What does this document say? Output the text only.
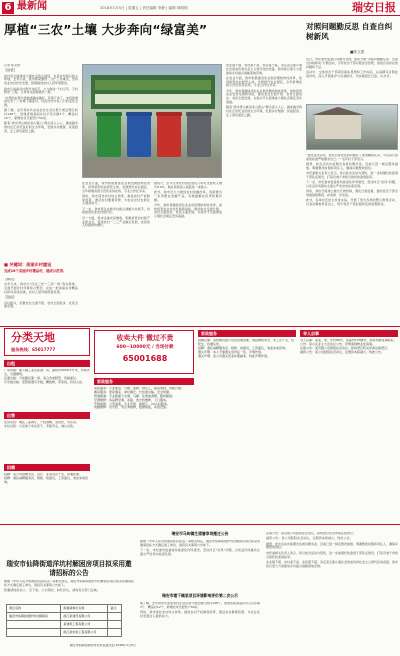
6 最新闻	2018年1月5日 | 星期五 | 责任编辑 李静 | 编辑 林明明	瑞安日报
厚植“三农”土壤 大步奔向“绿富美”	对照问题勤反思 自查自纠树新风
■陈文建
记者 陈文建
【提要】
农村是全面建成小康社会的主战场，也是乡村振兴的主阵地。去年以来，我市紧紧围绕“三农”工作重点，坚持农业农村优先发展，统筹推进农村人居环境整治。
我市以美丽乡村建设为抓手，大力推进“千村示范、万村整治”工程，全市村庄面貌焕然一新。
“村里的垃圾分类做得越来越好，环境干净了，来玩的游客也多了。”在塘下镇某村，村民纷纷为家门口的变化点赞。
据了解，去年我市共完成农村生活垃圾分类处理行政村148个，创建省级美丽乡村示范乡镇3个、精品村12个，新增农家乐经营户56家。
随着“绿水青山就是金山银山”理念深入人心，越来越多的村庄正依托良好的生态环境，发展乡村旅游、民宿经济，走上绿色富民之路。
■ 关键词：美丽乡村建设
完成16个美丽乡村精品村，建成示范带。
【解读】
去年以来，我市以“四边三化”“三改一拆”等为载体，全面开展农村环境综合整治，完成一批美丽乡村精品村和风景线创建，农村人居环境明显改善。
【链接】
乡村振兴，需要农业全面升级、农村全面进步、农民全面发展。
在农业方面，我市积极推进农业供给侧结构性改革，培育新型农业经营主体，发展现代农业园区，全年新增省级示范性家庭农场、专业合作社多家。
同时，我市深化农村综合改革，推进农村产权制度改革，激活农村要素资源，为农业农村发展注入强劲动力。
下一步，我市将以实施乡村振兴战略为总抓手，持续推进农业农村现代化。
另一方面，我市注重农民增收，积极培育农村新产业新业态，促进农村一二三产业融合发展，农民收入持续较快增长。
据统计，去年全市农村常住居民人均可支配收入增长8.9%，城乡居民收入差距进一步缩小。
此外，我市还大力推进农村金融改革，创新推出一系列惠农金融产品，有效缓解农民贷款难问题。
今年，我市将继续深化农业供给侧结构性改革，加快培育农业农村发展新动能，推动农业全面升级、农村全面进步、农民全面发展，为高水平全面建成小康社会奠定坚实基础。
农业强不强、农村美不美、农民富不富，决定着全面小康社会的成色和社会主义现代化的质量。我市将以更大力度推动乡村振兴战略落地见效。
在农业方面，我市积极推进农业供给侧结构性改革，培育新型农业经营主体，发展现代农业园区，全年新增省级示范性家庭农场、专业合作社多家。
今年，我市将继续深化农业供给侧结构性改革，加快培育农业农村发展新动能，推动农业全面升级、农村全面进步、农民全面发展，为高水平全面建成小康社会奠定坚实基础。
随着“绿水青山就是金山银山”理念深入人心，越来越多的村庄正依托良好的生态环境，发展乡村旅游、民宿经济，走上绿色富民之路。
近日，市纪委市监委以问题为导向，组织开展“对照问题勤反思、自查自纠树新风”专题活动，引导党员干部对照党章党规，查找自身存在的问题和不足。
活动中，全体党员干部紧密联系思想和工作实际，认真撰写对照检查材料，深入开展批评与自我批评，切实做到红红脸、出出汗。
“通过这次活动，我对自身存在的问题有了更清醒的认识，今后将以更高的标准严格要求自己。”一名年轻干部表示。
据悉，此次活动共梳理出各类问题多条，目前已逐一制定整改措施，明确整改时限和责任人，确保问题整改到位。
市纪委相关负责人表示，将以此次活动为契机，进一步加强纪检监察干部队伍建设，打造忠诚干净担当的纪检监察铁军。
下一步，市纪委市监委将持续深化作风建设，坚决纠正“四风”问题，以优良作风推动全面从严治党向纵深发展。
同时，我市还将建立健全长效机制，强化日常监督，推动党员干部自觉做到知敬畏、存戒惧、守底线。
此外，各单位还结合自身实际，开展了形式多样的警示教育活动，以身边事教育身边人，筑牢党员干部拒腐防变的思想防线。
分类天地
服务热线：65017777
出租
厂房出租：塘下镇工业区标准厂房，面积约2000平方米，水电齐全，交通便利。
店面出租：万松路店面一间，适合各类经营，价格面议。
写字楼出租：安阳街道写字楼，精装修，带家具，拎包入住。
出售
住房出售：城区三室两厅，产权清晰，采光好，学区房。
车位出售：小区地下车位若干，手续齐全，诚心出售。
招聘
招聘：某公司招聘文员、会计、业务员若干名，待遇优厚。
招聘：酒店诚聘服务员、厨师、收银员，工资面议，欢迎来电咨询。
收卖大件 微过不贵
600~10000元 / 当场付款
65001688
家政服务
家政服务：专业保洁、月嫂、保姆、钟点工，服务周到，价格合理。
搬家服务：居民搬家、单位搬迁、长短途运输，安全快捷。
管道疏通：专业疏通下水道、马桶、化粪池清理，随叫随到。
空调维修：各品牌空调、冰箱、洗衣机维修，上门服务。
开锁换锁：公安备案，专业开锁、换锁芯，24小时服务。
电脑维修：台式机、笔记本维修，数据恢复，系统安装。
家政服务
招聘启事：某机械有限公司因发展需要，现招聘技术员、普工若干名，包吃住，待遇从优。
招聘：酒店诚聘服务员、厨师、收银员，工资面议，欢迎来电咨询。
遗失声明：本人不慎遗失身份证一张，声明作废。
遗失声明：某公司遗失营业执照副本，特此声明作废。
寻人启事
寻人启事：某某，男，年约60岁，身高约170厘米，如有知情者请联系。
公告：某小区业主大会决议公告，详情请到物业处查阅。
注销公告：某有限公司经股东会决议，拟向登记机关申请注销登记。
减资公告：某公司经股东会决议，注册资本拟减少，特此公告。
瑞安市仙降街道洋坑村解困房项目拟采用邀请招标的公告
根据《中华人民共和国招标投标法》等相关规定，瑞安市仙降街道洋坑村解困房项目拟采用邀请招标方式确定施工单位，现将有关事项公告如下。
拟邀请的投标人：见下表。公示期间，如有异议，请向有关部门反映。
项目名称	拟邀请单位名称	备注
瑞安市仙降街道洋坑村解困房	浙江某建设有限公司	
	某建筑工程有限公司	
	浙江某市政工程有限公司	
瑞安市仙降街道洋坑村村民委员会 2018年1月5日
瑞安市马屿镇生猪屠宰场搬迁公告
根据《中华人民共和国招标投标法》等相关规定，瑞安市仙降街道洋坑村解困房项目拟采用邀请招标方式确定施工单位，现将有关事项公告如下。
下一步，市纪委市监委将持续深化作风建设，坚决纠正“四风”问题，以优良作风推动全面从严治党向纵深发展。
瑞安市塘下镇某项目环境影响评价第二次公示
据了解，去年我市共完成农村生活垃圾分类处理行政村148个，创建省级美丽乡村示范乡镇3个、精品村12个，新增农家乐经营户56家。
同时，我市深化农村综合改革，推进农村产权制度改革，激活农村要素资源，为农业农村发展注入强劲动力。
注销公告：某有限公司经股东会决议，拟向登记机关申请注销登记。
减资公告：某公司经股东会决议，注册资本拟减少，特此公告。
据悉，此次活动共梳理出各类问题多条，目前已逐一制定整改措施，明确整改时限和责任人，确保问题整改到位。
市纪委相关负责人表示，将以此次活动为契机，进一步加强纪检监察干部队伍建设，打造忠诚干净担当的纪检监察铁军。
农业强不强、农村美不美、农民富不富，决定着全面小康社会的成色和社会主义现代化的质量。我市将以更大力度推动乡村振兴战略落地见效。
